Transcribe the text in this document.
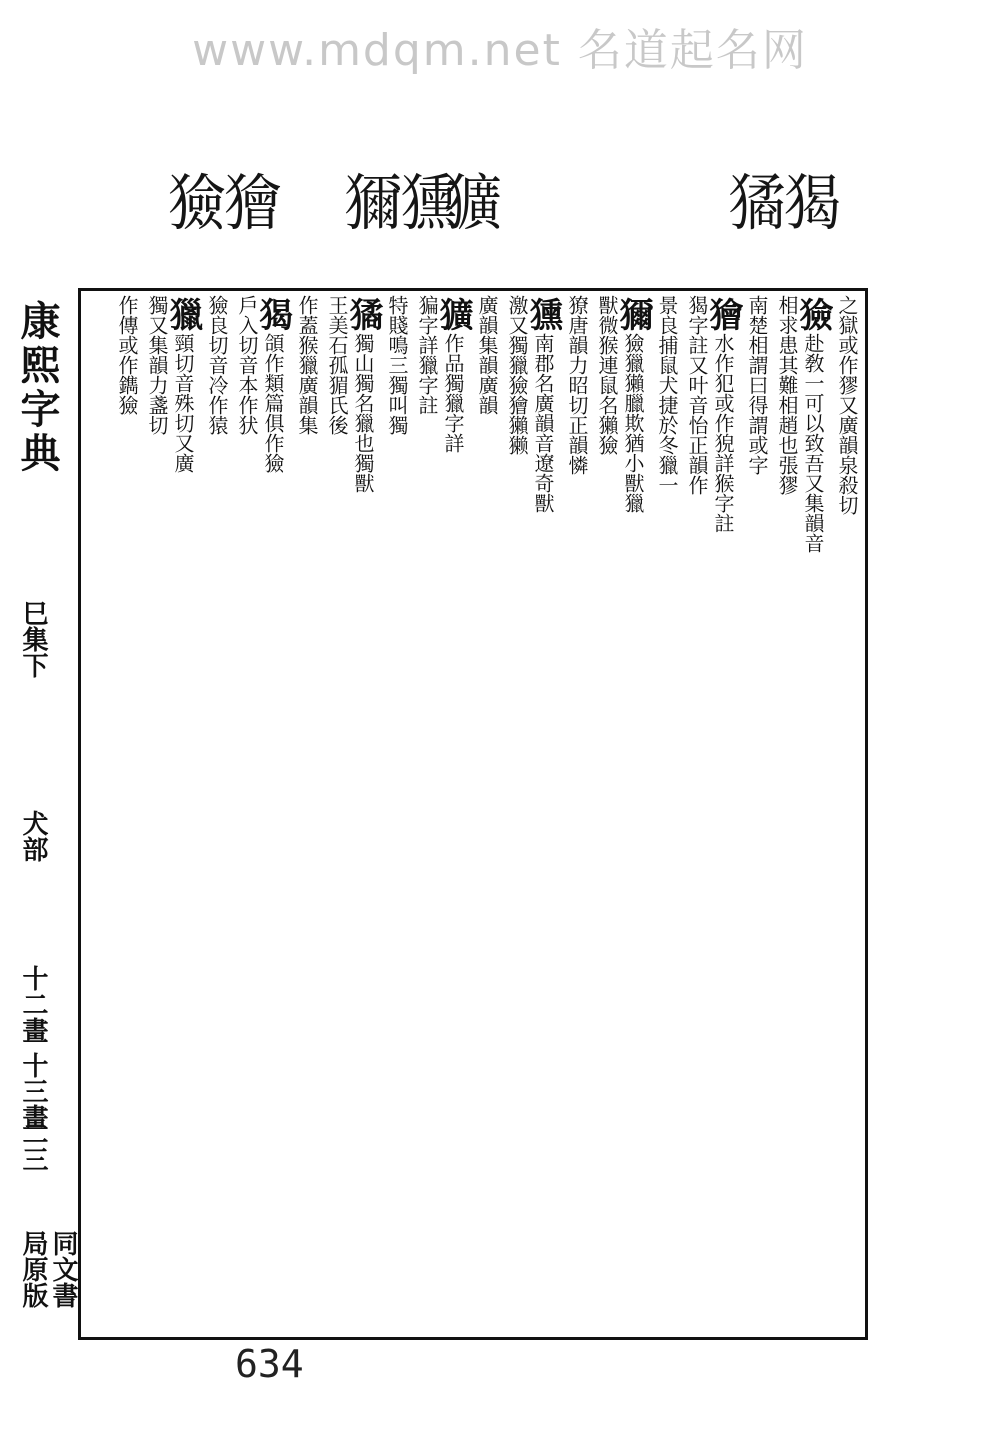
www.mdqm.net 名道起名网
獫獪 獮獯
獷	獝猲
康熙字典
巳集下
犬部
十二畫 十三畫
二三
同文書局原版
之獄或作㺒又廣韻泉殺切
獫赴敎一可以致吾又集韻音
相求患其難相趙也張㺒
南楚相謂曰得謂或字
獪水作犯或作㹸詳猴字註
猲字註又叶音怡正韻作
景良捕鼠犬捷於冬獵一
獮獫獵獺臘欺猶小獸獵
獸微猴連鼠名獺獫
獠唐韻力昭切正韻憐
獯南郡名廣韻音遼奇獸
激又獨獵獫獪獺獭
廣韻集韻廣韻
獷作品獨獵字詳
猵字詳獵字註
特賤鳴三獨叫獨
獝獨山獨名獵也獨獸
王美石孤猸氏後
作蓋猴獵廣韻集
猲頜作類篇俱作獫
戶入切音本作犾
獫良切音冷作猿
獵頸切音殊切又廣
獨又集韻力盞切
作傳或作鐫獫
634
